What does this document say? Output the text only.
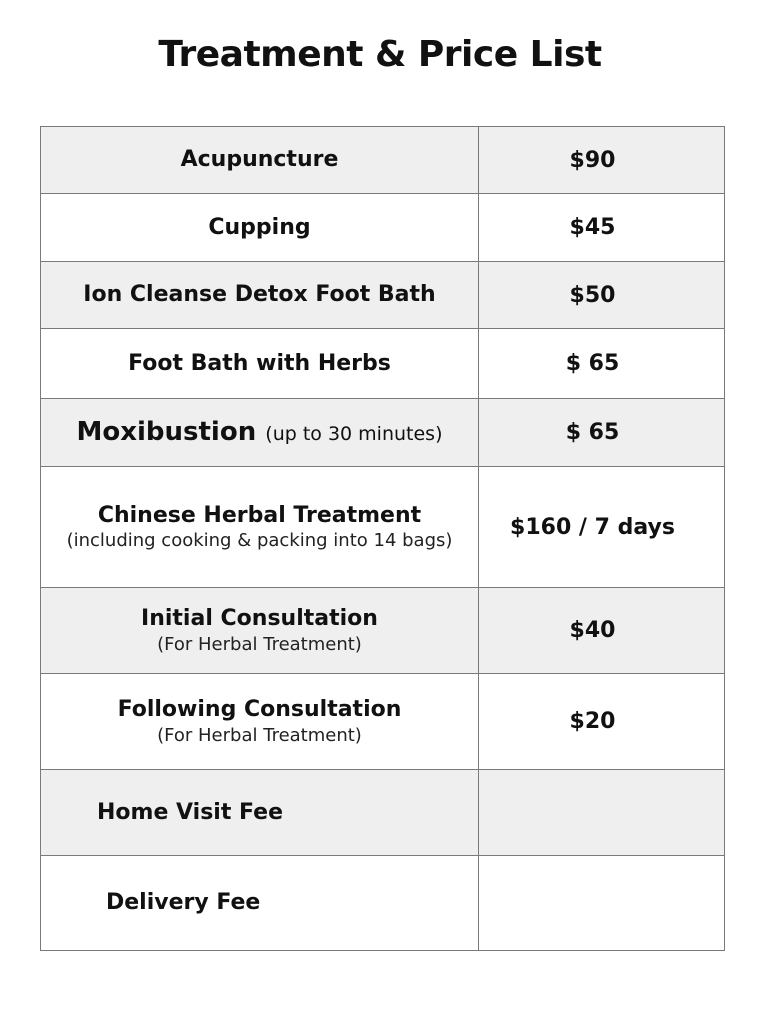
Treatment & Price List
Acupuncture	$90

Cupping	$45

Ion Cleanse Detox Foot Bath	$50

Foot Bath with Herbs	$ 65

Moxibustion (up to 30 minutes)	$ 65

Chinese Herbal Treatment
(including cooking & packing into 14 bags)	$160 / 7 days

Initial Consultation
(For Herbal Treatment)	$40

Following Consultation
(For Herbal Treatment)	$20

Home Visit Fee	

Delivery Fee	
